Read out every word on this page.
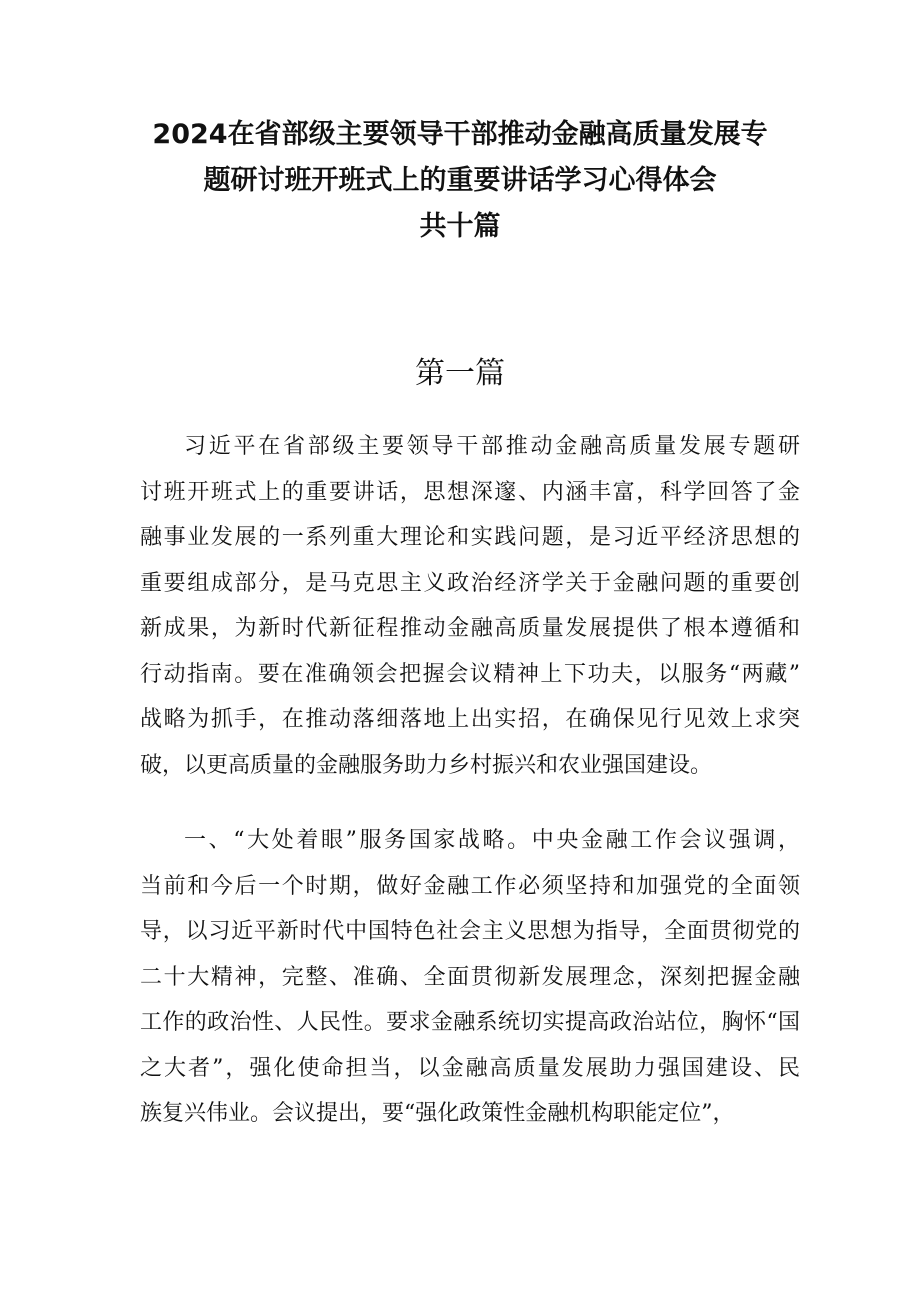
2024在省部级主要领导干部推动金融高质量发展专
题研讨班开班式上的重要讲话学习心得体会
共十篇
第一篇
习近平在省部级主要领导干部推动金融高质量发展专题研
讨班开班式上的重要讲话，思想深邃、内涵丰富，科学回答了金
融事业发展的一系列重大理论和实践问题，是习近平经济思想的
重要组成部分，是马克思主义政治经济学关于金融问题的重要创
新成果，为新时代新征程推动金融高质量发展提供了根本遵循和
行动指南。要在准确领会把握会议精神上下功夫，以服务“两藏”
战略为抓手，在推动落细落地上出实招，在确保见行见效上求突
破，以更高质量的金融服务助力乡村振兴和农业强国建设。
一、“大处着眼”服务国家战略。中央金融工作会议强调，
当前和今后一个时期，做好金融工作必须坚持和加强党的全面领
导，以习近平新时代中国特色社会主义思想为指导，全面贯彻党的
二十大精神，完整、准确、全面贯彻新发展理念，深刻把握金融
工作的政治性、人民性。要求金融系统切实提高政治站位，胸怀“国
之大者”，强化使命担当，以金融高质量发展助力强国建设、民
族复兴伟业。会议提出，要“强化政策性金融机构职能定位”，
